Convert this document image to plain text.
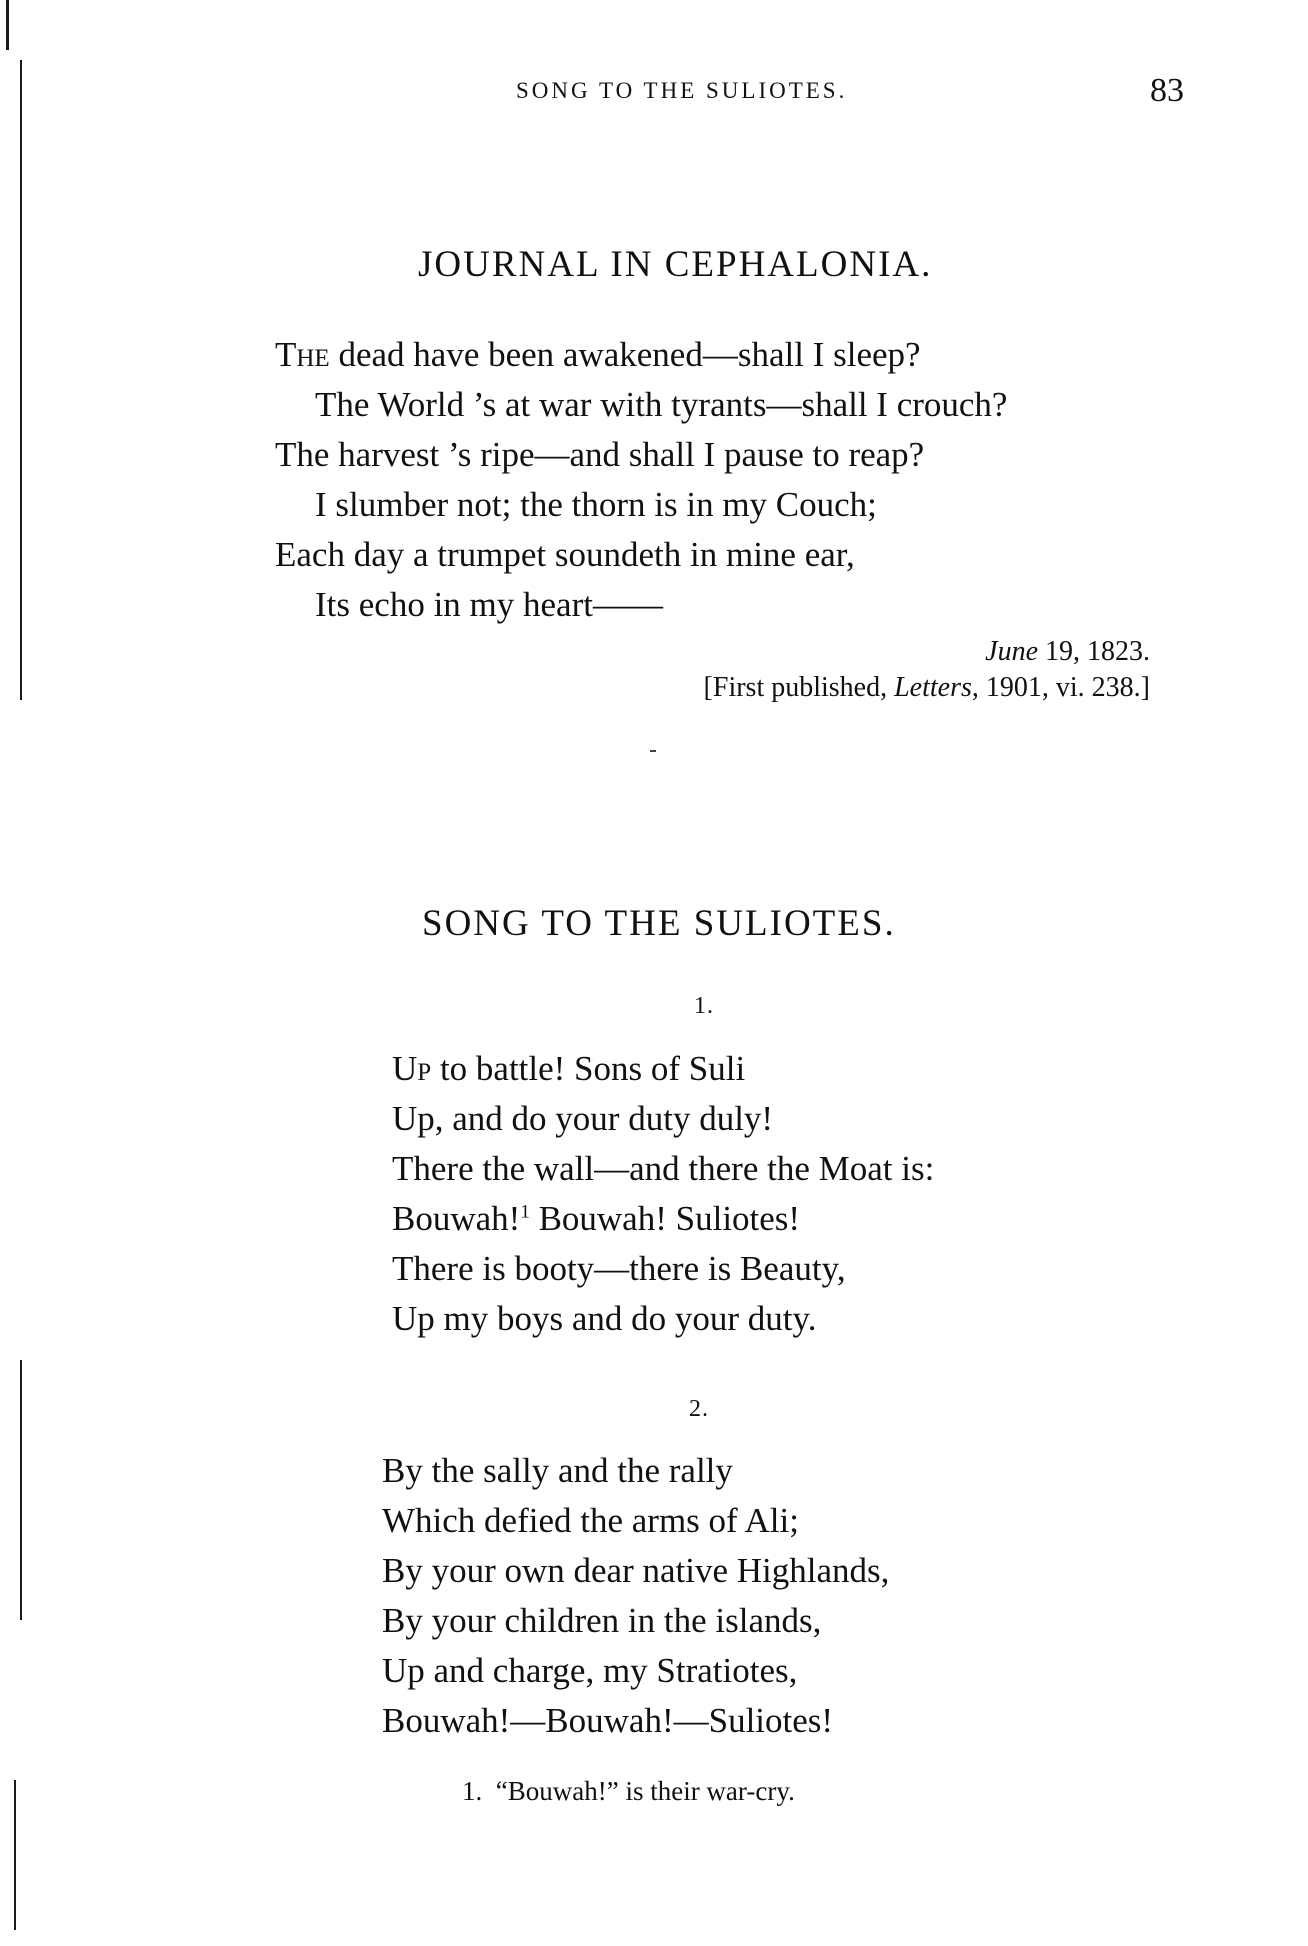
SONG TO THE SULIOTES.	83
JOURNAL IN CEPHALONIA.
The dead have been awakened—shall I sleep?
The World ’s at war with tyrants—shall I crouch?
The harvest ’s ripe—and shall I pause to reap?
I slumber not; the thorn is in my Couch;
Each day a trumpet soundeth in mine ear,
Its echo in my heart——
June 19, 1823.
[First published, Letters, 1901, vi. 238.]
SONG TO THE SULIOTES.
1.
Up to battle! Sons of Suli
Up, and do your duty duly!
There the wall—and there the Moat is:
Bouwah!$^1$ Bouwah! Suliotes!
There is booty—there is Beauty,
Up my boys and do your duty.
2.
By the sally and the rally
Which defied the arms of Ali;
By your own dear native Highlands,
By your children in the islands,
Up and charge, my Stratiotes,
Bouwah!—Bouwah!—Suliotes!
1. “Bouwah!” is their war-cry.
